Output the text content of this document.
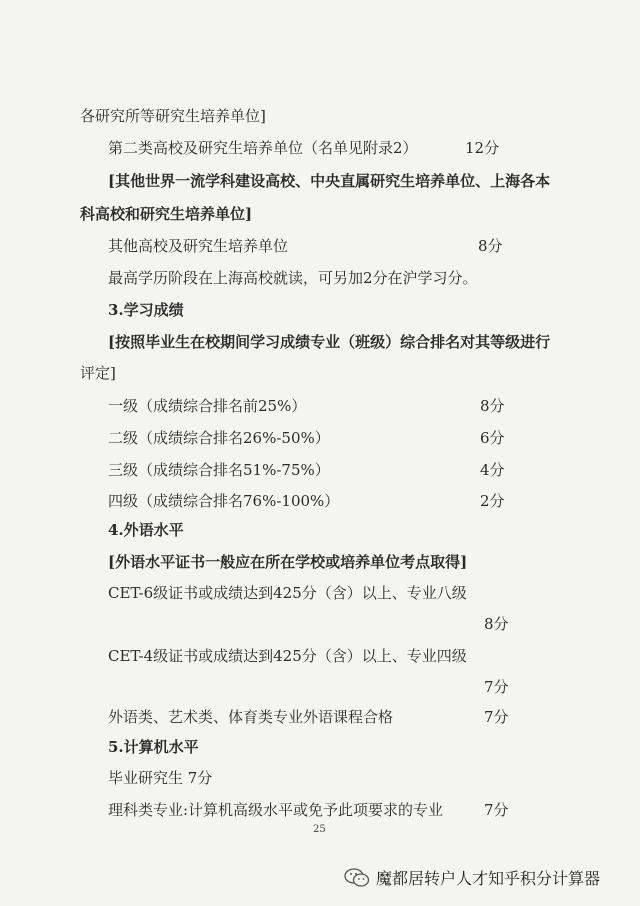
各研究所等研究生培养单位]
第二类高校及研究生培养单位（名单见附录2）	12分
[其他世界一流学科建设高校、中央直属研究生培养单位、上海各本
科高校和研究生培养单位]
其他高校及研究生培养单位	8分
最高学历阶段在上海高校就读，可另加2分在沪学习分。
3.学习成绩
[按照毕业生在校期间学习成绩专业（班级）综合排名对其等级进行
评定]
一级（成绩综合排名前25%）	8分
二级（成绩综合排名26%-50%）	6分
三级（成绩综合排名51%-75%）	4分
四级（成绩综合排名76%-100%）	2分
4.外语水平
[外语水平证书一般应在所在学校或培养单位考点取得]
CET-6级证书或成绩达到425分（含）以上、专业八级
8分
CET-4级证书或成绩达到425分（含）以上、专业四级
7分
外语类、艺术类、体育类专业外语课程合格	7分
5.计算机水平
毕业研究生 7分
理科类专业:计算机高级水平或免予此项要求的专业	7分
25
魔都居转户人才知乎积分计算器
